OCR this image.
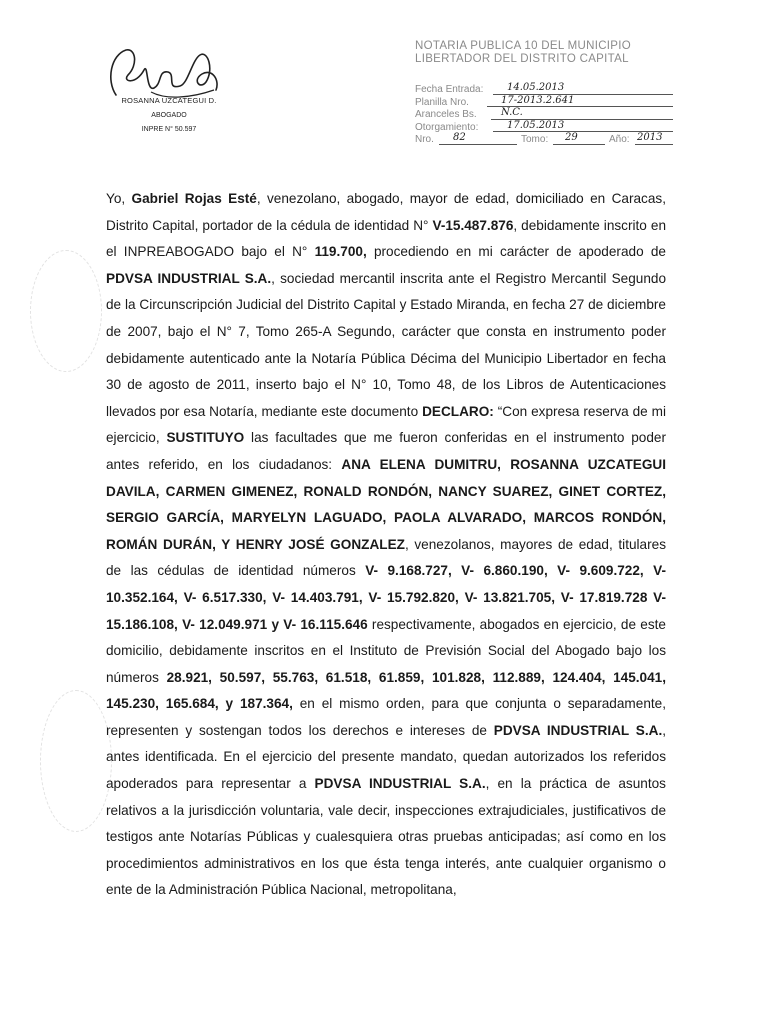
ROSANNA UZCATEGUI D.
ABOGADO
INPRE N° 50.597
NOTARIA PUBLICA 10 DEL MUNICIPIO
LIBERTADOR DEL DISTRITO CAPITAL
Fecha Entrada: 14.05.2013
Planilla Nro.	17-2013.2.641
Aranceles Bs. N.C.
Otorgamiento:	17.05.2013
Nro. 82	Tomo: 29	Año: 2013
Yo, Gabriel Rojas Esté, venezolano, abogado, mayor de edad, domiciliado en Caracas, Distrito Capital, portador de la cédula de identidad N° V-15.487.876, debidamente inscrito en el INPREABOGADO bajo el N° 119.700, procediendo en mi carácter de apoderado de PDVSA INDUSTRIAL S.A., sociedad mercantil inscrita ante el Registro Mercantil Segundo de la Circunscripción Judicial del Distrito Capital y Estado Miranda, en fecha 27 de diciembre de 2007, bajo el N° 7, Tomo 265-A Segundo, carácter que consta en instrumento poder debidamente autenticado ante la Notaría Pública Décima del Municipio Libertador en fecha 30 de agosto de 2011, inserto bajo el N° 10, Tomo 48, de los Libros de Autenticaciones llevados por esa Notaría, mediante este documento DECLARO: “Con expresa reserva de mi ejercicio, SUSTITUYO las facultades que me fueron conferidas en el instrumento poder antes referido, en los ciudadanos: ANA ELENA DUMITRU, ROSANNA UZCATEGUI DAVILA, CARMEN GIMENEZ, RONALD RONDÓN, NANCY SUAREZ, GINET CORTEZ, SERGIO GARCÍA, MARYELYN LAGUADO, PAOLA ALVARADO, MARCOS RONDÓN, ROMÁN DURÁN, Y HENRY JOSÉ GONZALEZ, venezolanos, mayores de edad, titulares de las cédulas de identidad números V- 9.168.727, V- 6.860.190, V- 9.609.722, V- 10.352.164, V- 6.517.330, V- 14.403.791, V- 15.792.820, V- 13.821.705, V- 17.819.728 V- 15.186.108, V- 12.049.971 y V- 16.115.646 respectivamente, abogados en ejercicio, de este domicilio, debidamente inscritos en el Instituto de Previsión Social del Abogado bajo los números 28.921, 50.597, 55.763, 61.518, 61.859, 101.828, 112.889, 124.404, 145.041, 145.230, 165.684, y 187.364, en el mismo orden, para que conjunta o separadamente, representen y sostengan todos los derechos e intereses de PDVSA INDUSTRIAL S.A., antes identificada. En el ejercicio del presente mandato, quedan autorizados los referidos apoderados para representar a PDVSA INDUSTRIAL S.A., en la práctica de asuntos relativos a la jurisdicción voluntaria, vale decir, inspecciones extrajudiciales, justificativos de testigos ante Notarías Públicas y cualesquiera otras pruebas anticipadas; así como en los procedimientos administrativos en los que ésta tenga interés, ante cualquier organismo o ente de la Administración Pública Nacional, metropolitana,
